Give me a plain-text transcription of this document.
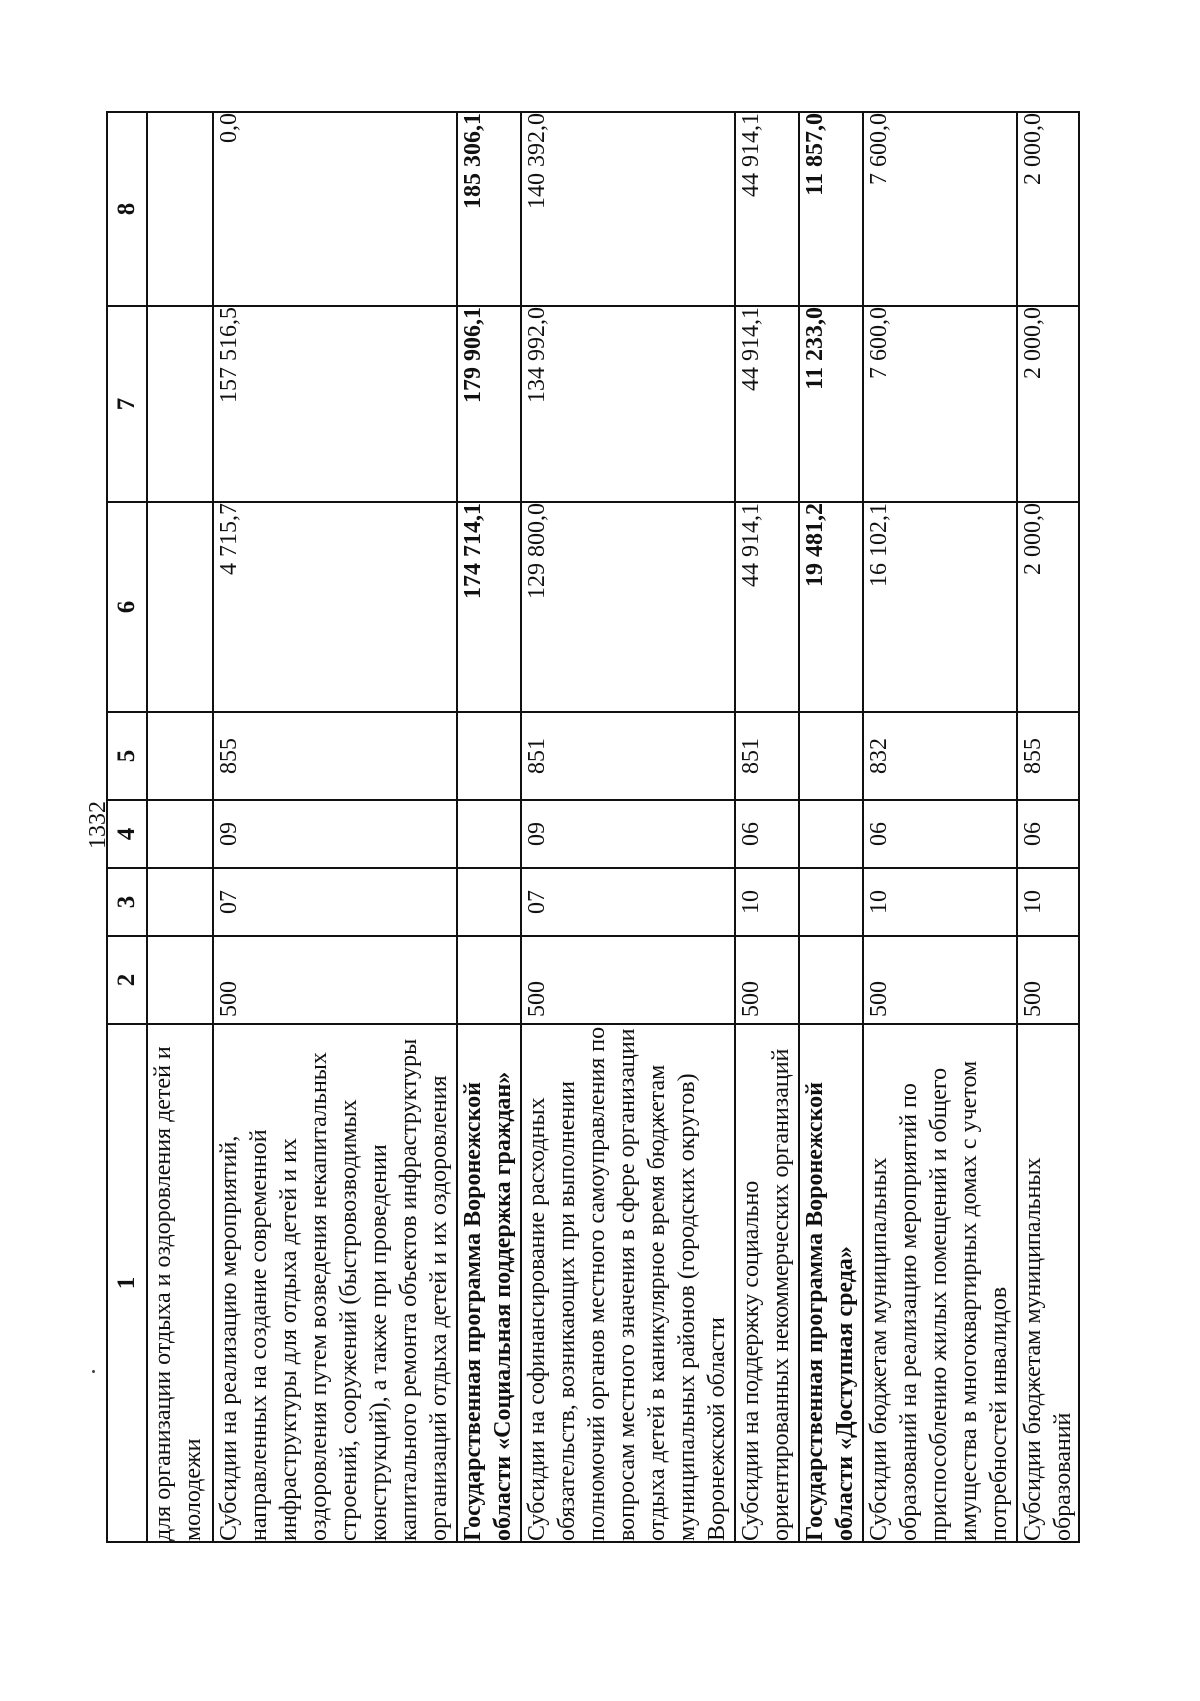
1332
1	2	3	4	5	6	7	8
для организации отдыха и оздоровления детей и молодежи							
Субсидии на реализацию мероприятий, направленных на создание современной инфраструктуры для отдыха детей и их оздоровления путем возведения некапитальных строений, сооружений (быстровозводимых конструкций), а также при проведении капитального ремонта объектов инфраструктуры организаций отдыха детей и их оздоровления	500	07	09	855	4 715,7	157 516,5	0,0
Государственная программа Воронежской области «Социальная поддержка граждан»					174 714,1	179 906,1	185 306,1
Субсидии на софинансирование расходных обязательств, возникающих при выполнении полномочий органов местного самоуправления по вопросам местного значения в сфере организации отдыха детей в каникулярное время бюджетам муниципальных районов (городских округов) Воронежской области	500	07	09	851	129 800,0	134 992,0	140 392,0
Субсидии на поддержку социально ориентированных некоммерческих организаций	500	10	06	851	44 914,1	44 914,1	44 914,1
Государственная программа Воронежской области «Доступная среда»					19 481,2	11 233,0	11 857,0
Субсидии бюджетам муниципальных образований на реализацию мероприятий по приспособлению жилых помещений и общего имущества в многоквартирных домах с учетом потребностей инвалидов	500	10	06	832	16 102,1	7 600,0	7 600,0
Субсидии бюджетам муниципальных образований	500	10	06	855	2 000,0	2 000,0	2 000,0
